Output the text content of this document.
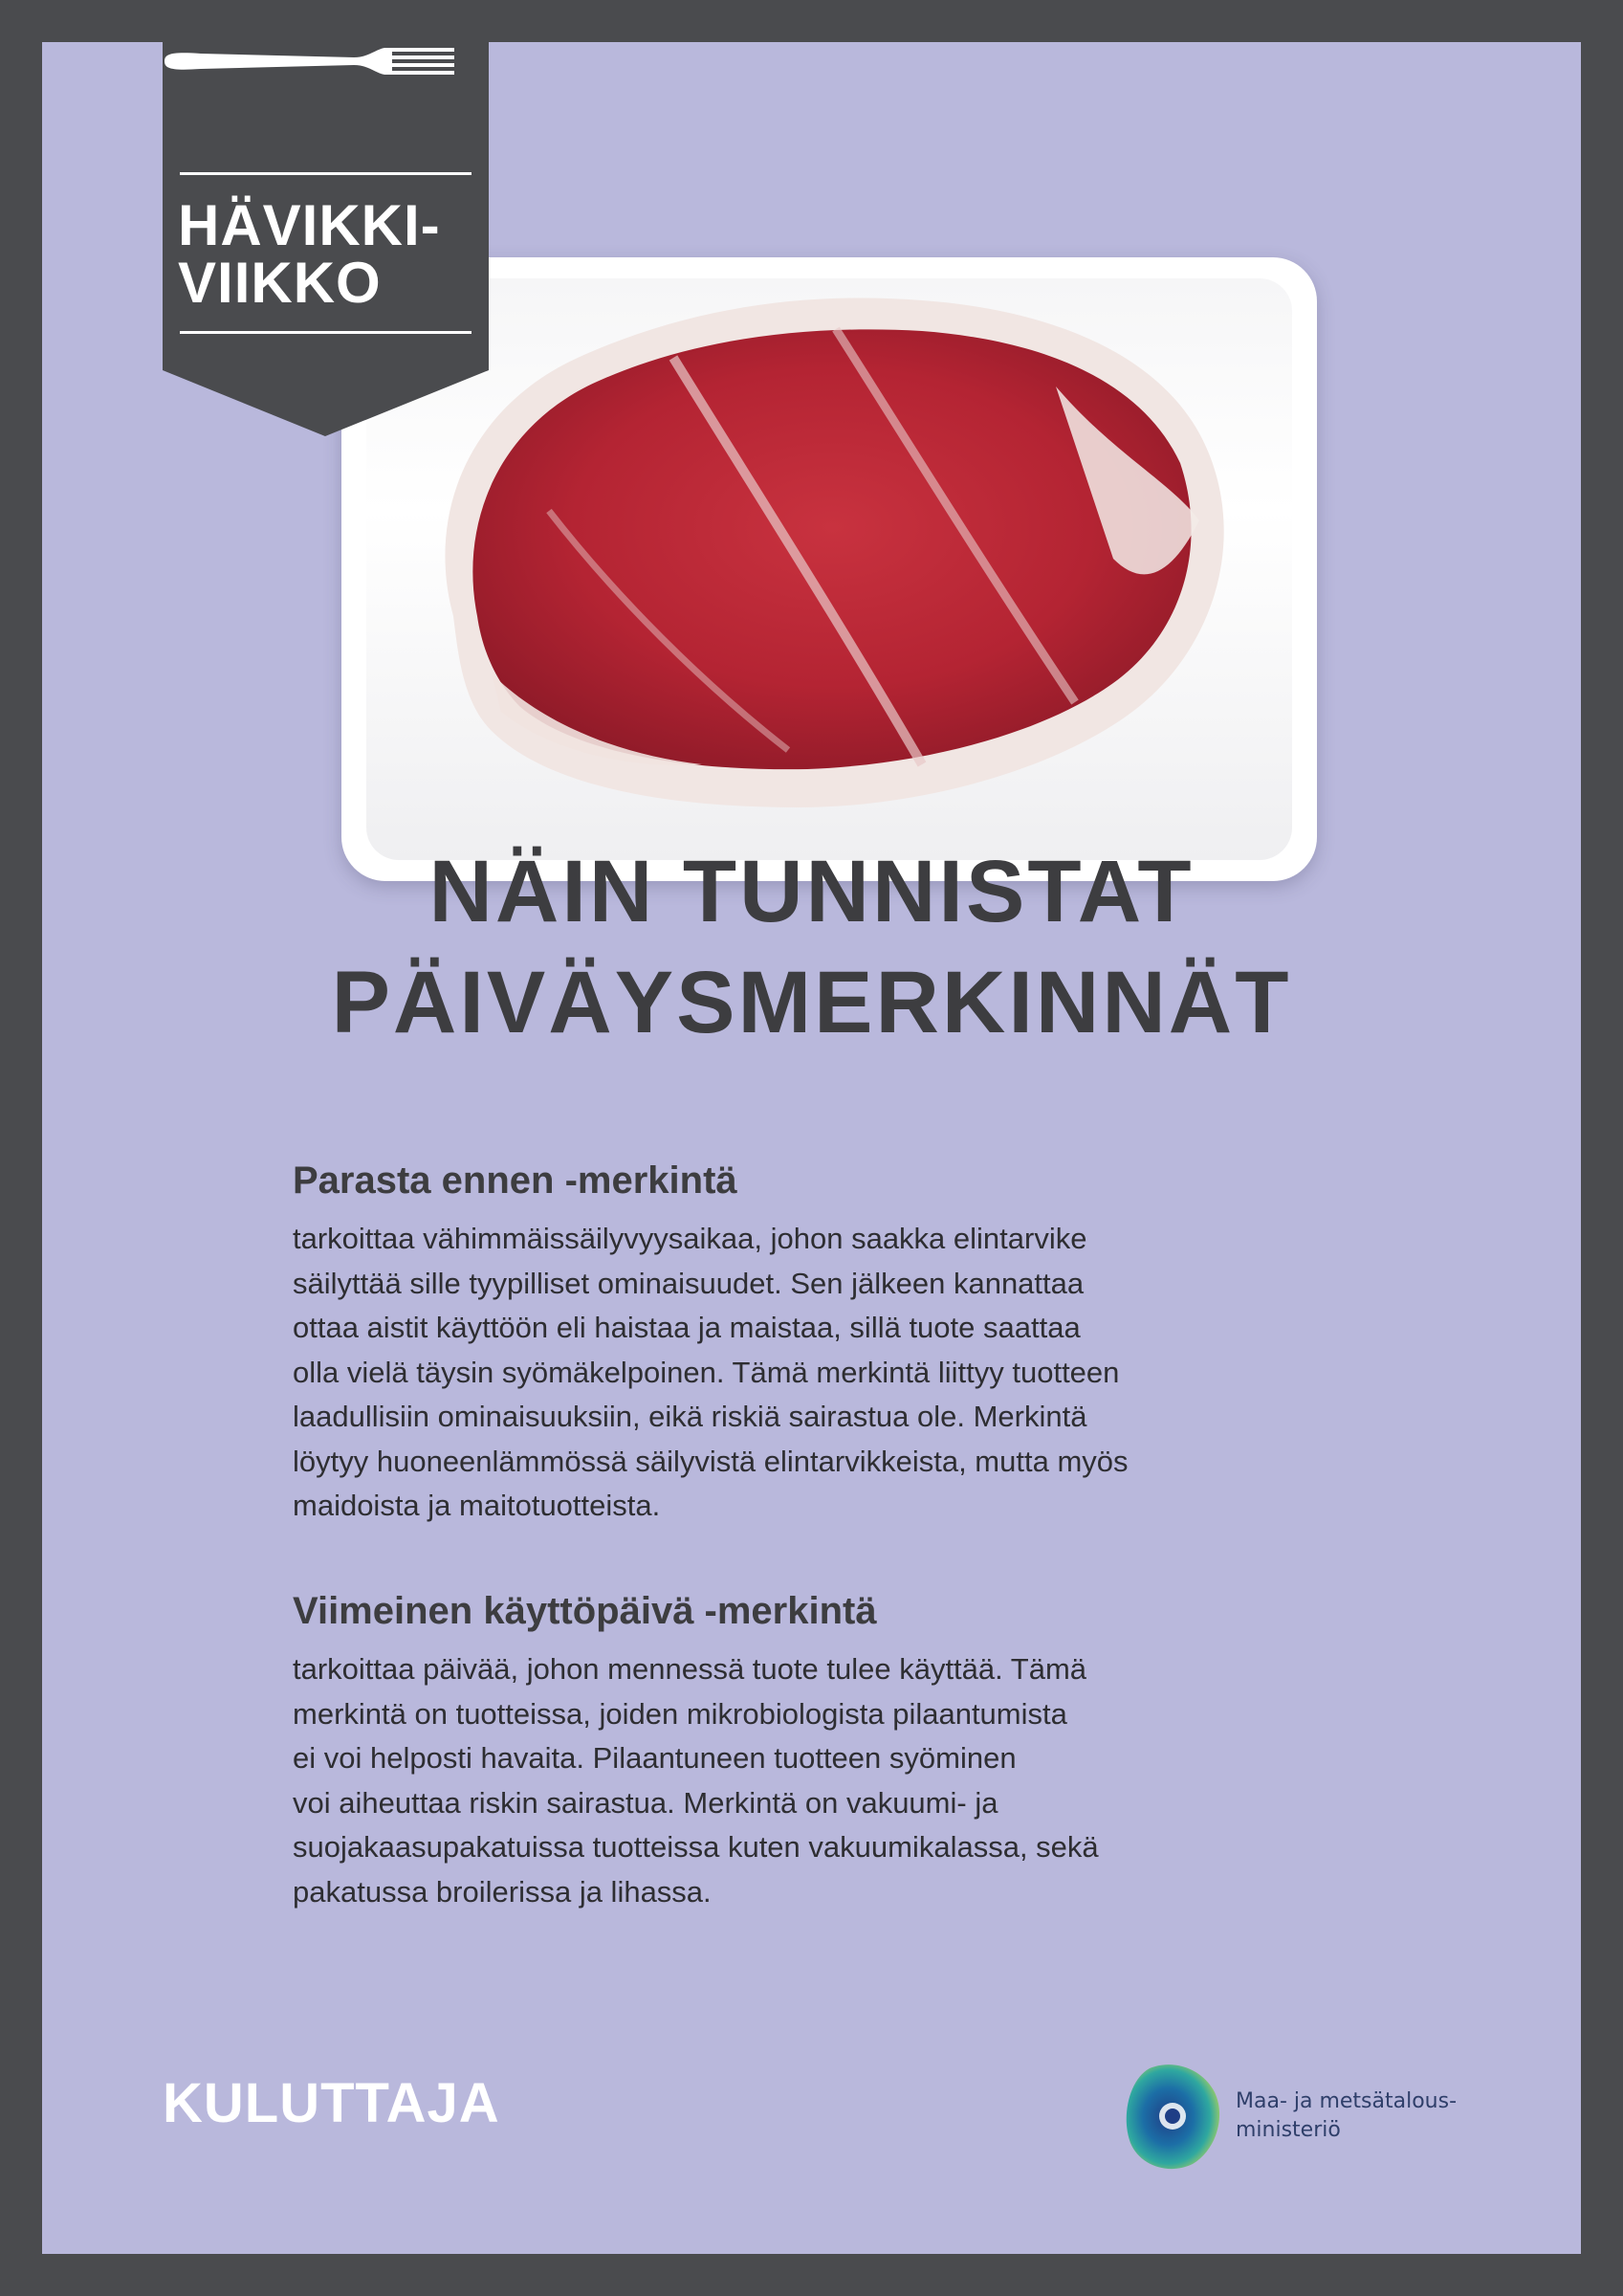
HÄVIKKI-
VIIKKO
NÄIN TUNNISTAT
PÄIVÄYSMERKINNÄT
Parasta ennen -merkintä

tarkoittaa vähimmäissäilyvyysaikaa, johon saakka elintarvike
säilyttää sille tyypilliset ominaisuudet. Sen jälkeen kannattaa
ottaa aistit käyttöön eli haistaa ja maistaa, sillä tuote saattaa
olla vielä täysin syömäkelpoinen. Tämä merkintä liittyy tuotteen
laadullisiin ominaisuuksiin, eikä riskiä sairastua ole. Merkintä
löytyy huoneenlämmössä säilyvistä elintarvikkeista, mutta myös
maidoista ja maitotuotteista.

Viimeinen käyttöpäivä -merkintä

tarkoittaa päivää, johon mennessä tuote tulee käyttää. Tämä
merkintä on tuotteissa, joiden mikrobiologista pilaantumista
ei voi helposti havaita. Pilaantuneen tuotteen syöminen
voi aiheuttaa riskin sairastua. Merkintä on vakuumi- ja
suojakaasupakatuissa tuotteissa kuten vakuumikalassa, sekä
pakatussa broilerissa ja lihassa.

KULUTTAJA	Maa- ja metsätalous-
ministeriö
